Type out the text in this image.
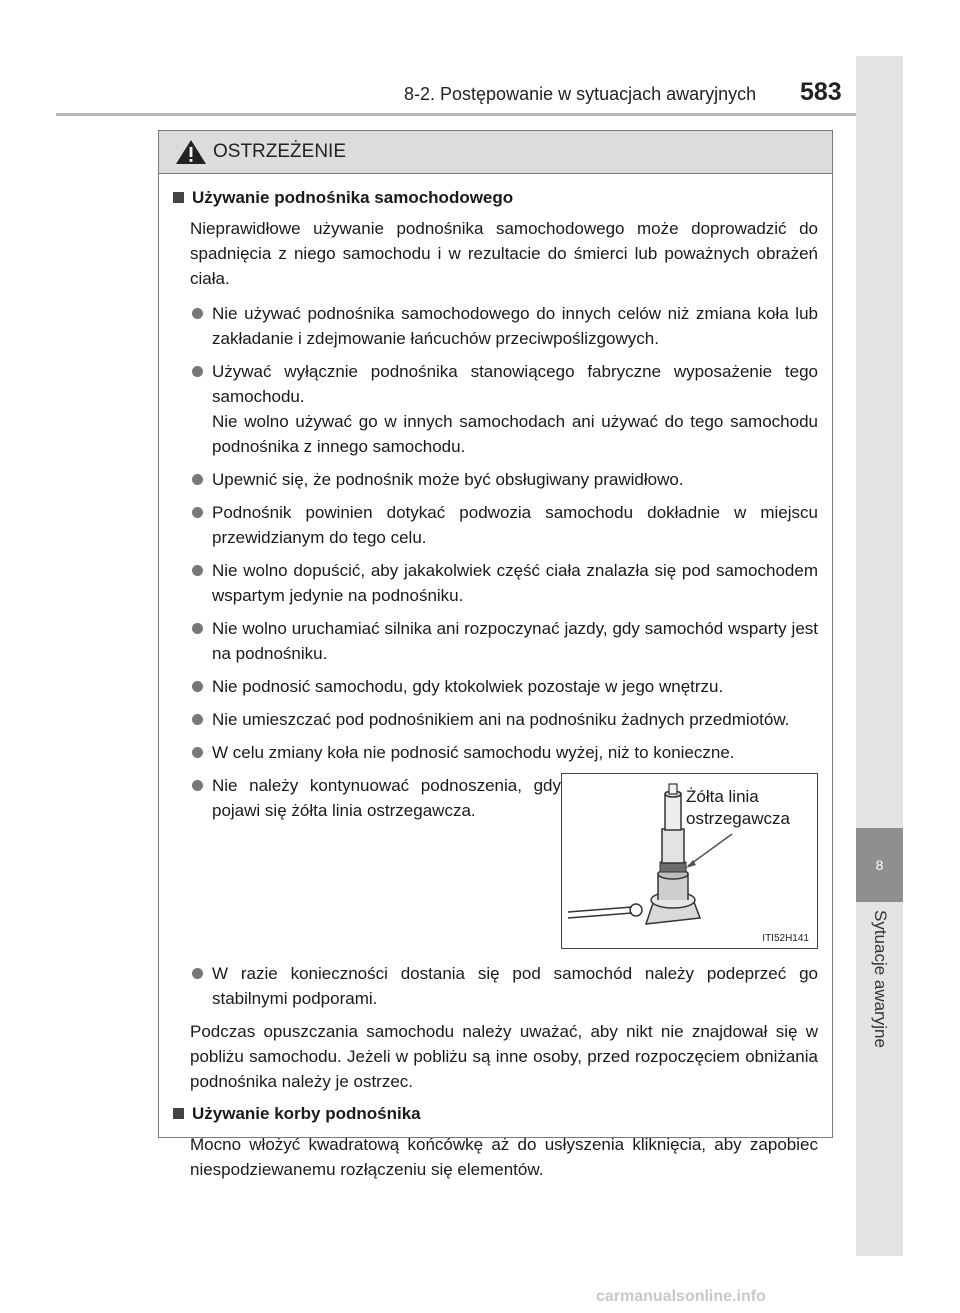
8-2. Postępowanie w sytuacjach awaryjnych 583
8
Sytuacje awaryjne
OSTRZEŻENIE
Używanie podnośnika samochodowego
Nieprawidłowe używanie podnośnika samochodowego może doprowadzić do spadnięcia z niego samochodu i w rezultacie do śmierci lub poważnych obrażeń ciała.
Nie używać podnośnika samochodowego do innych celów niż zmiana koła lub zakładanie i zdejmowanie łańcuchów przeciwpoślizgowych.
Używać wyłącznie podnośnika stanowiącego fabryczne wyposażenie tego samochodu.
Nie wolno używać go w innych samochodach ani używać do tego samochodu podnośnika z innego samochodu.
Upewnić się, że podnośnik może być obsługiwany prawidłowo.
Podnośnik powinien dotykać podwozia samochodu dokładnie w miejscu przewidzianym do tego celu.
Nie wolno dopuścić, aby jakakolwiek część ciała znalazła się pod samochodem wspartym jedynie na podnośniku.
Nie wolno uruchamiać silnika ani rozpoczynać jazdy, gdy samochód wsparty jest na podnośniku.
Nie podnosić samochodu, gdy ktokolwiek pozostaje w jego wnętrzu.
Nie umieszczać pod podnośnikiem ani na podnośniku żadnych przedmiotów.
W celu zmiany koła nie podnosić samochodu wyżej, niż to konieczne.
Nie należy kontynuować podnoszenia, gdy pojawi się żółta linia ostrzegawcza.
Żółta linia
ostrzegawcza
ITI52H141
W razie konieczności dostania się pod samochód należy podeprzeć go stabilnymi podporami.
Podczas opuszczania samochodu należy uważać, aby nikt nie znajdował się w pobliżu samochodu. Jeżeli w pobliżu są inne osoby, przed rozpoczęciem obniżania podnośnika należy je ostrzec.
Używanie korby podnośnika
Mocno włożyć kwadratową końcówkę aż do usłyszenia kliknięcia, aby zapobiec niespodziewanemu rozłączeniu się elementów.
carmanualsonline.info
